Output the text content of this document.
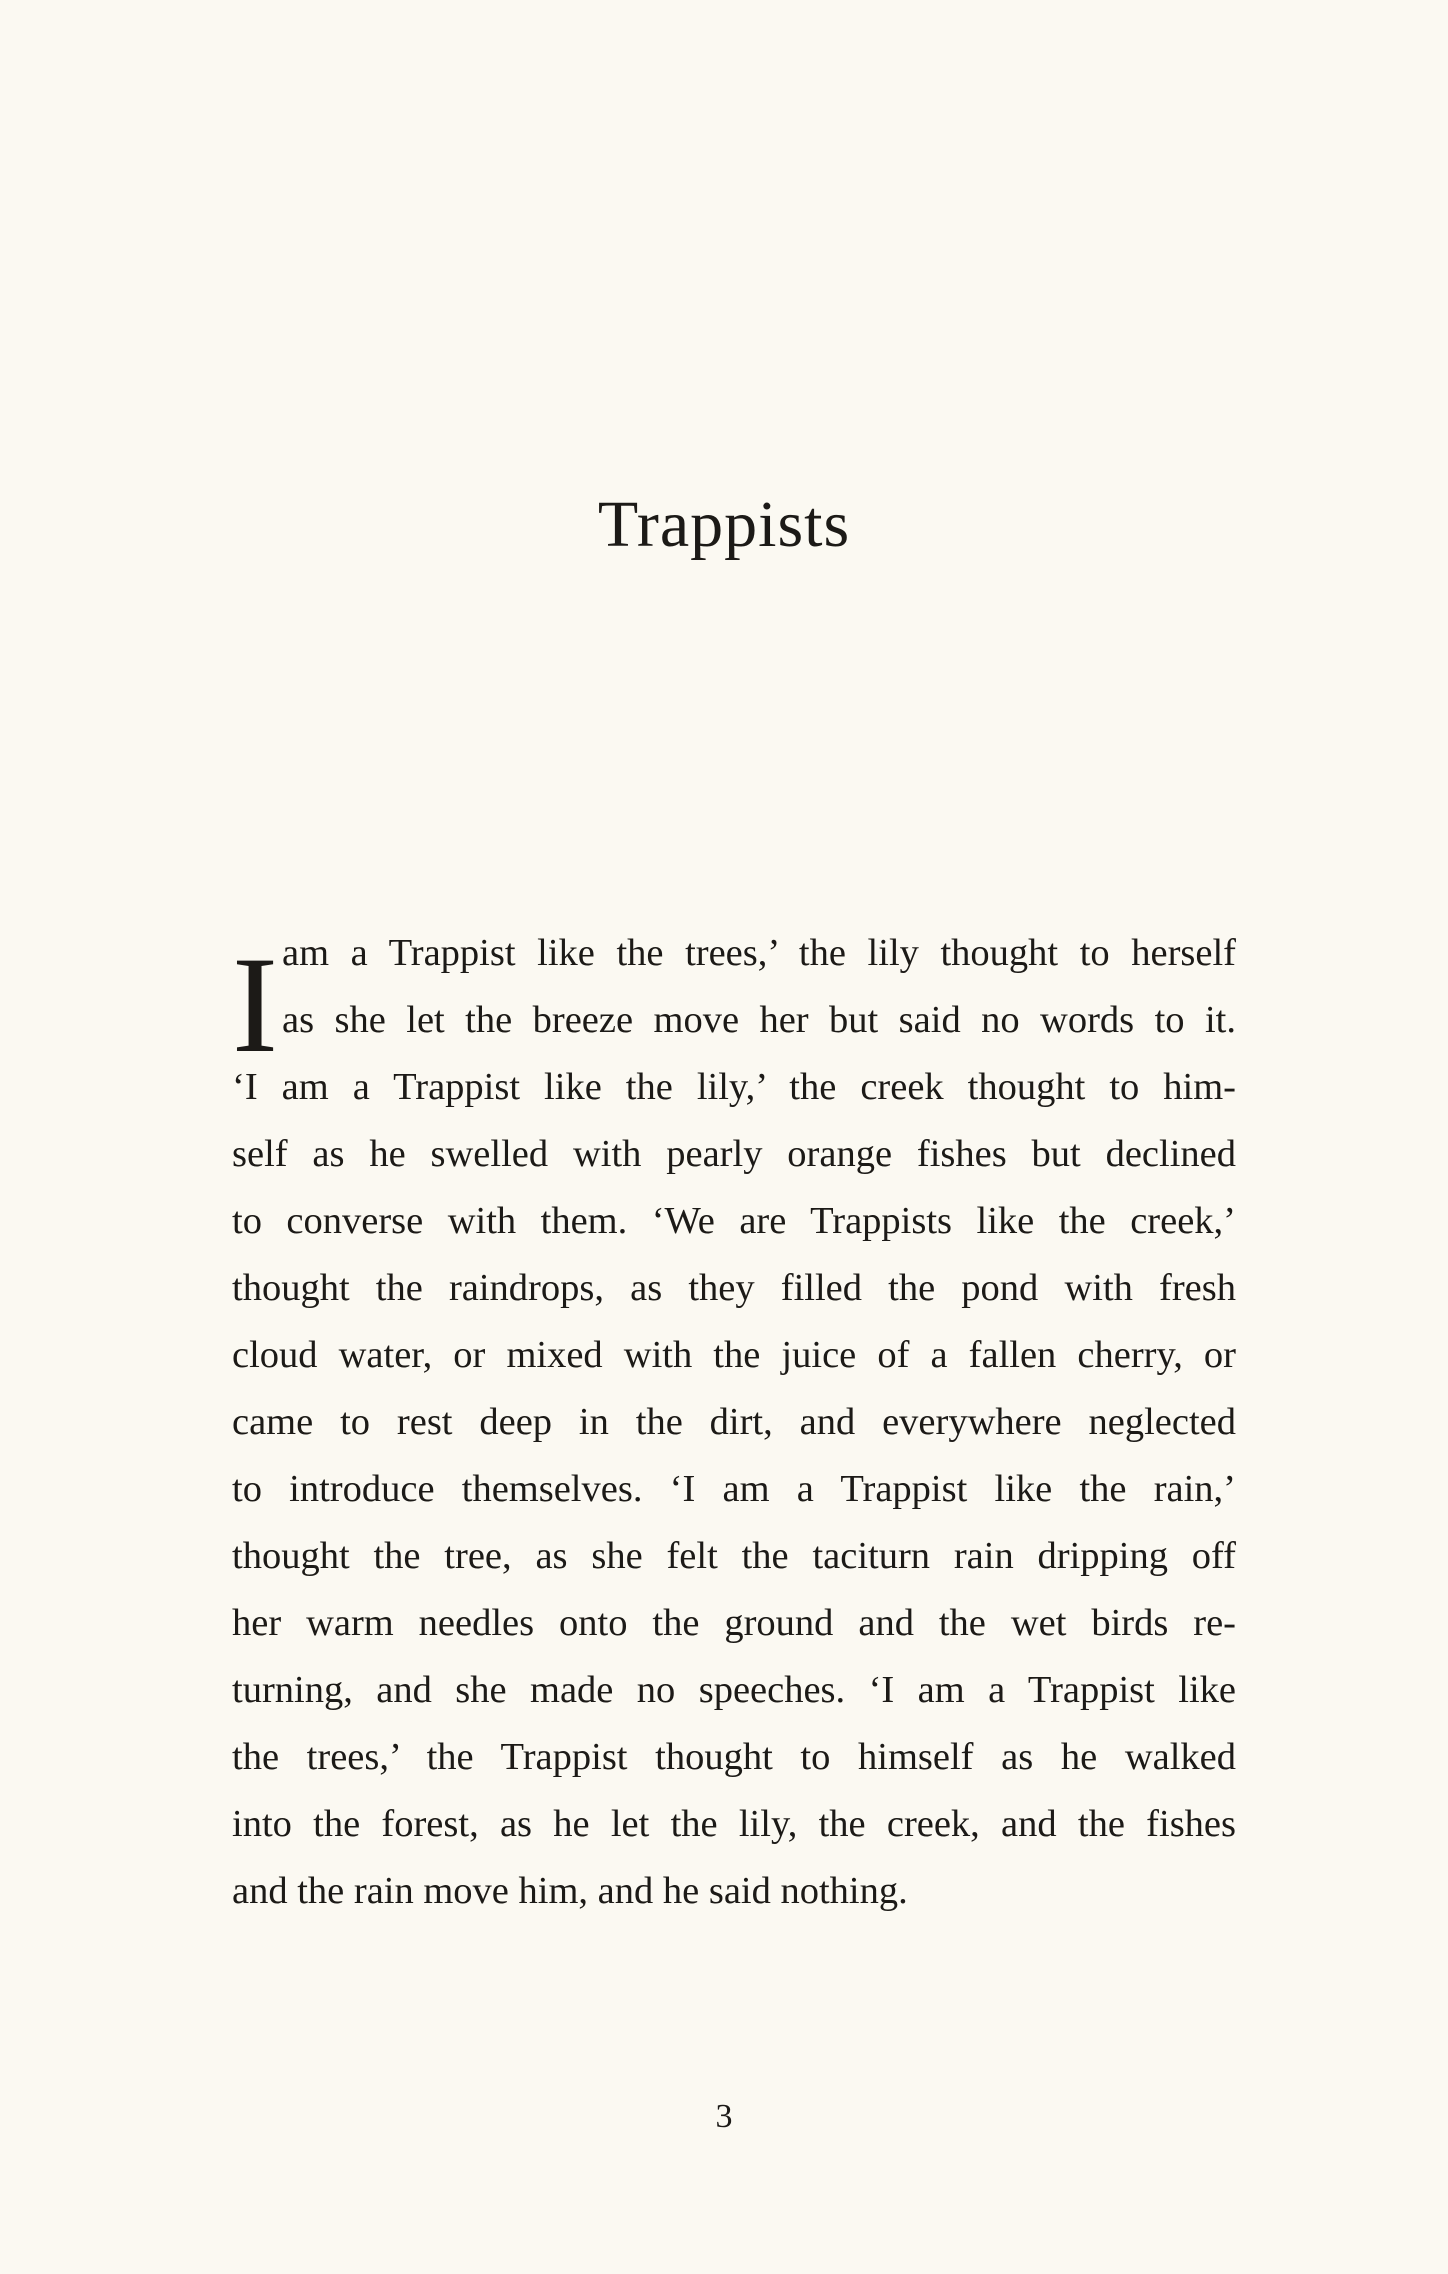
Trappists
I am a Trappist like the trees,’ the lily thought to herself
as she let the breeze move her but said no words to it.
‘I am a Trappist like the lily,’ the creek thought to him-
self as he swelled with pearly orange fishes but declined
to converse with them. ‘We are Trappists like the creek,’
thought the raindrops, as they filled the pond with fresh
cloud water, or mixed with the juice of a fallen cherry, or
came to rest deep in the dirt, and everywhere neglected
to introduce themselves. ‘I am a Trappist like the rain,’
thought the tree, as she felt the taciturn rain dripping off
her warm needles onto the ground and the wet birds re-
turning, and she made no speeches. ‘I am a Trappist like
the trees,’ the Trappist thought to himself as he walked
into the forest, as he let the lily, the creek, and the fishes
and the rain move him, and he said nothing.
3
